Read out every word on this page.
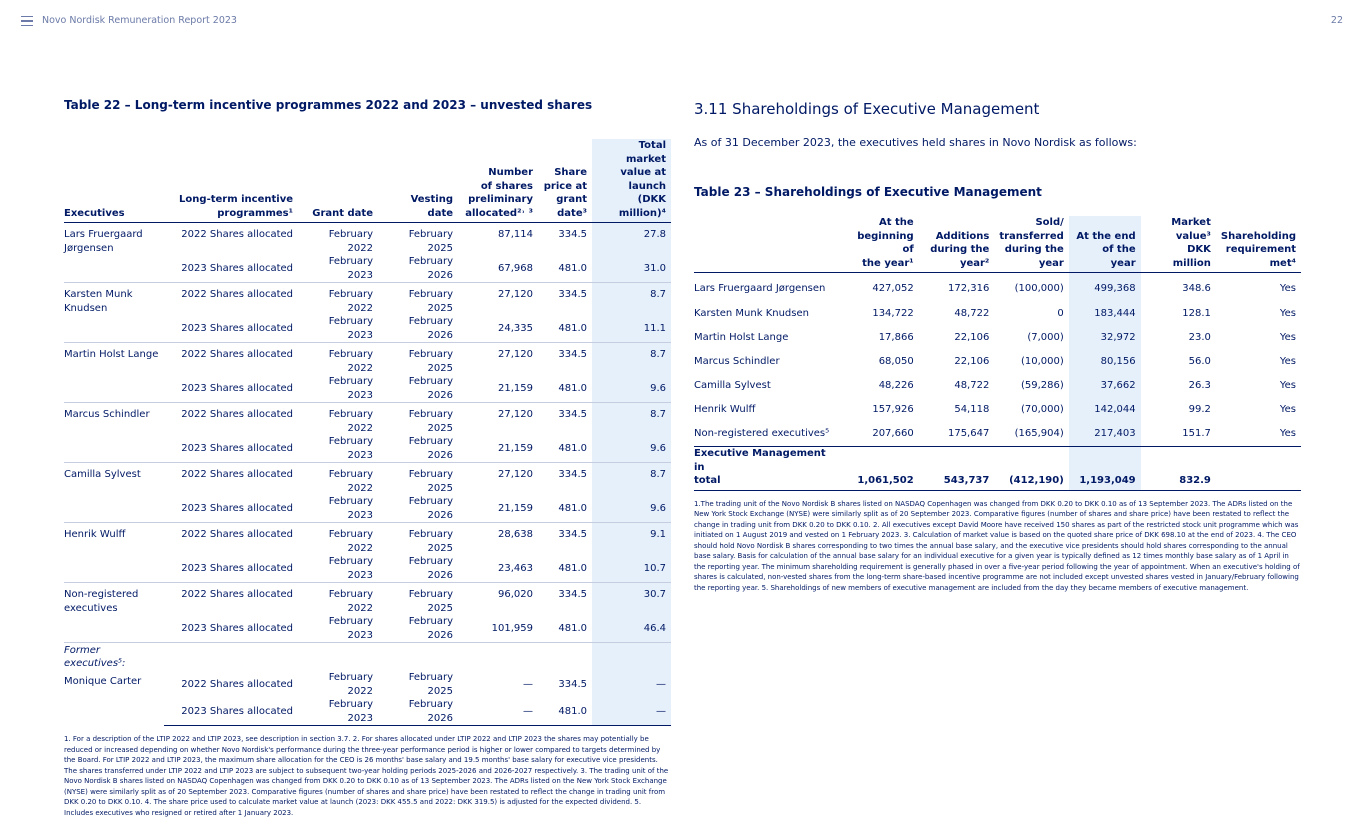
Novo Nordisk Remuneration Report 2023	22
Table 22 – Long-term incentive programmes 2022 and 2023 – unvested shares
Executives	Long-term incentive
programmes¹	Grant date	Vesting date	Number
of shares
preliminary
allocated²˒ ³	Share
price at
grant
date³	Total market
value at
launch
(DKK million)⁴
Lars Fruergaard
Jørgensen	2022 Shares allocated	February 2022	February 2025	87,114	334.5	27.8
	2023 Shares allocated	February 2023	February 2026	67,968	481.0	31.0
Karsten Munk
Knudsen	2022 Shares allocated	February 2022	February 2025	27,120	334.5	8.7
	2023 Shares allocated	February 2023	February 2026	24,335	481.0	11.1
Martin Holst Lange	2022 Shares allocated	February 2022	February 2025	27,120	334.5	8.7
	2023 Shares allocated	February 2023	February 2026	21,159	481.0	9.6
Marcus Schindler	2022 Shares allocated	February 2022	February 2025	27,120	334.5	8.7
	2023 Shares allocated	February 2023	February 2026	21,159	481.0	9.6
Camilla Sylvest	2022 Shares allocated	February 2022	February 2025	27,120	334.5	8.7
	2023 Shares allocated	February 2023	February 2026	21,159	481.0	9.6
Henrik Wulff	2022 Shares allocated	February 2022	February 2025	28,638	334.5	9.1
	2023 Shares allocated	February 2023	February 2026	23,463	481.0	10.7
Non-registered
executives	2022 Shares allocated	February 2022	February 2025	96,020	334.5	30.7
	2023 Shares allocated	February 2023	February 2026	101,959	481.0	46.4
Former executives⁵:						
Monique Carter	2022 Shares allocated	February 2022	February 2025	—	334.5	—
	2023 Shares allocated	February 2023	February 2026	—	481.0	—
1. For a description of the LTIP 2022 and LTIP 2023, see description in section 3.7. 2. For shares allocated under LTIP 2022 and LTIP 2023 the shares may potentially be reduced or increased depending on whether Novo Nordisk's performance during the three-year performance period is higher or lower compared to targets determined by the Board. For LTIP 2022 and LTIP 2023, the maximum share allocation for the CEO is 26 months' base salary and 19.5 months' base salary for executive vice presidents. The shares transferred under LTIP 2022 and LTIP 2023 are subject to subsequent two-year holding periods 2025-2026 and 2026-2027 respectively. 3. The trading unit of the Novo Nordisk B shares listed on NASDAQ Copenhagen was changed from DKK 0.20 to DKK 0.10 as of 13 September 2023. The ADRs listed on the New York Stock Exchange (NYSE) were similarly split as of 20 September 2023. Comparative figures (number of shares and share price) have been restated to reflect the change in trading unit from DKK 0.20 to DKK 0.10. 4. The share price used to calculate market value at launch (2023: DKK 455.5 and 2022: DKK 319.5) is adjusted for the expected dividend. 5. Includes executives who resigned or retired after 1 January 2023.
3.11 Shareholdings of Executive Management
As of 31 December 2023, the executives held shares in Novo Nordisk as follows:
Table 23 – Shareholdings of Executive Management
	At the
beginning of
the year¹	Additions
during the
year²	Sold/
transferred
during the
year	At the end
of the year	Market
value³
DKK million	Shareholding
requirement
met⁴
Lars Fruergaard Jørgensen	427,052	172,316	(100,000)	499,368	348.6	Yes
Karsten Munk Knudsen	134,722	48,722	0	183,444	128.1	Yes
Martin Holst Lange	17,866	22,106	(7,000)	32,972	23.0	Yes
Marcus Schindler	68,050	22,106	(10,000)	80,156	56.0	Yes
Camilla Sylvest	48,226	48,722	(59,286)	37,662	26.3	Yes
Henrik Wulff	157,926	54,118	(70,000)	142,044	99.2	Yes
Non-registered executives⁵	207,660	175,647	(165,904)	217,403	151.7	Yes
Executive Management in
total	1,061,502	543,737	(412,190)	1,193,049	832.9	
1.The trading unit of the Novo Nordisk B shares listed on NASDAQ Copenhagen was changed from DKK 0.20 to DKK 0.10 as of 13 September 2023. The ADRs listed on the New York Stock Exchange (NYSE) were similarly split as of 20 September 2023. Comparative figures (number of shares and share price) have been restated to reflect the change in trading unit from DKK 0.20 to DKK 0.10. 2. All executives except David Moore have received 150 shares as part of the restricted stock unit programme which was initiated on 1 August 2019 and vested on 1 February 2023. 3. Calculation of market value is based on the quoted share price of DKK 698.10 at the end of 2023. 4. The CEO should hold Novo Nordisk B shares corresponding to two times the annual base salary, and the executive vice presidents should hold shares corresponding to the annual base salary. Basis for calculation of the annual base salary for an individual executive for a given year is typically defined as 12 times monthly base salary as of 1 April in the reporting year. The minimum shareholding requirement is generally phased in over a five-year period following the year of appointment. When an executive's holding of shares is calculated, non-vested shares from the long-term share-based incentive programme are not included except unvested shares vested in January/February following the reporting year. 5. Shareholdings of new members of executive management are included from the day they became members of executive management.
